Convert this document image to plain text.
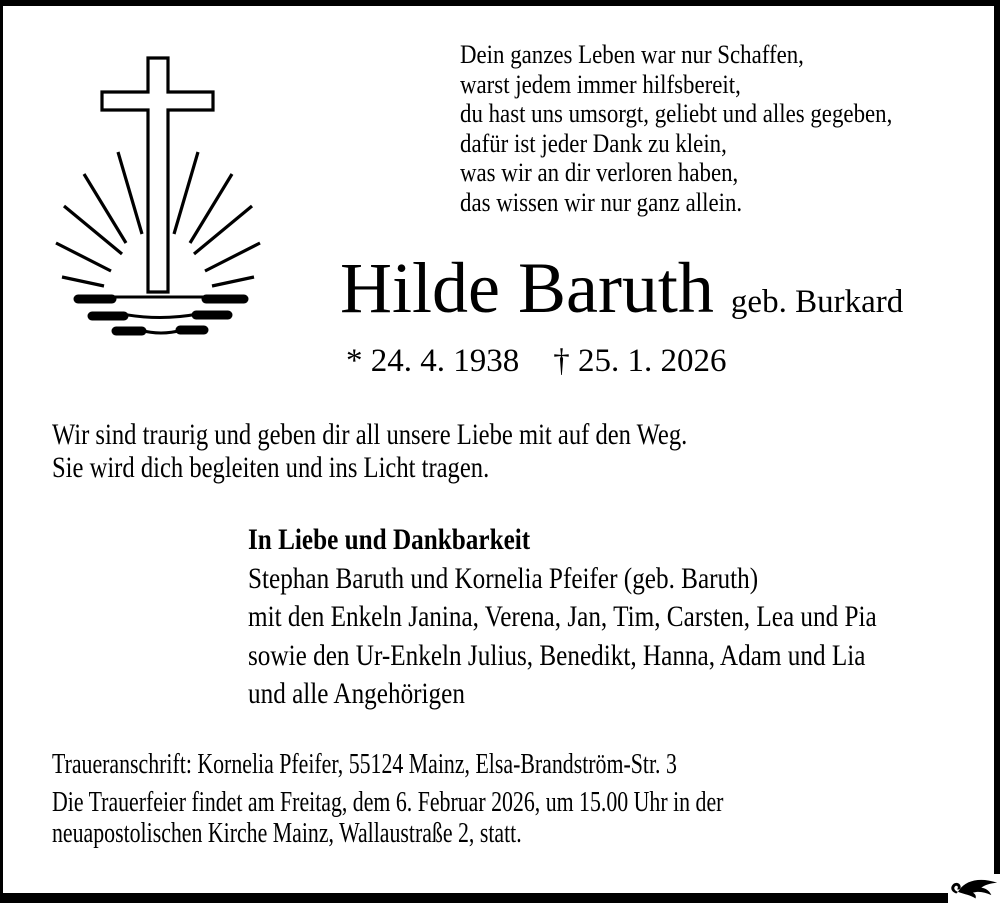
Dein ganzes Leben war nur Schaffen,
warst jedem immer hilfsbereit,
du hast uns umsorgt, geliebt und alles gegeben,
dafür ist jeder Dank zu klein,
was wir an dir verloren haben,
das wissen wir nur ganz allein.
Hilde Baruth geb. Burkard
* 24. 4. 1938 † 25. 1. 2026
Wir sind traurig und geben dir all unsere Liebe mit auf den Weg.
Sie wird dich begleiten und ins Licht tragen.
In Liebe und Dankbarkeit
Stephan Baruth und Kornelia Pfeifer (geb. Baruth)
mit den Enkeln Janina, Verena, Jan, Tim, Carsten, Lea und Pia
sowie den Ur-Enkeln Julius, Benedikt, Hanna, Adam und Lia
und alle Angehörigen
Traueranschrift: Kornelia Pfeifer, 55124 Mainz, Elsa-Brandström-Str. 3
Die Trauerfeier findet am Freitag, dem 6. Februar 2026, um 15.00 Uhr in der
neuapostolischen Kirche Mainz, Wallaustraße 2, statt.
